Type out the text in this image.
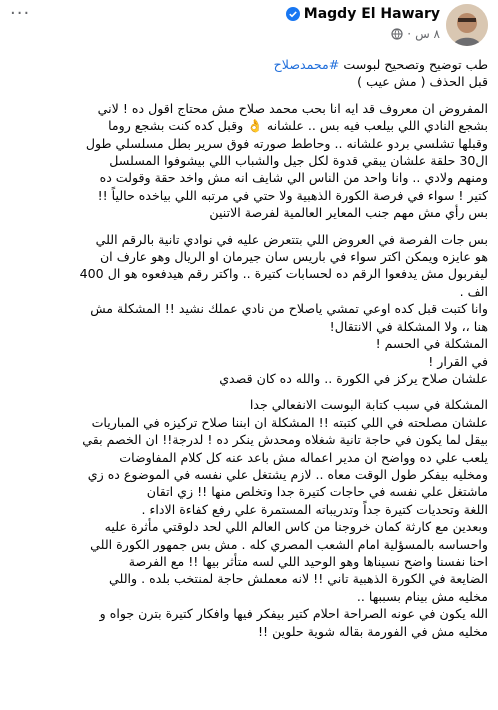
···	Magdy El Hawary
٨ س
·

طب توضيح وتصحيح لبوست #محمدصلاح

قبل الحذف ( مش عيب )

المفروض ان معروف قد ايه انا بحب محمد صلاح مش محتاج اقول ده ! لاني

بشجع النادي اللي بيلعب فيه بس .. علشانه 👌 وقبل كده كنت بشجع روما

وقبلها تشلسي بردو علشانه .. وحاطط صورته فوق سرير بطل مسلسلي طول

ال30 حلقة علشان يبقي قدوة لكل جيل والشباب اللي بيشوفوا المسلسل

ومنهم ولادي .. وانا واحد من الناس الي شايف انه مش واخد حقة وقولت ده

كتير ! سواء في فرصة الكورة الذهبية ولا حتي في مرتبه اللي بياخده حالياً !!

بس رأي مش مهم جنب المعاير العالمية لفرصة الاتنين

بس جات الفرصة في العروض اللي بتتعرض عليه في نوادي تانية بالرقم اللي

هو عايزه ويمكن اكتر سواء في باريس سان جيرمان او الريال وهو عارف ان

ليفربول مش يدفعوا الرقم ده لحسابات كتيرة .. واكتر رقم هيدفعوه هو ال 400

الف .

وانا كتبت قبل كده اوعي تمشي ياصلاح من نادي عملك نشيد !! المشكلة مش

هنا ،، ولا المشكلة في الانتقال!

المشكلة في الحسم !

في القرار !

علشان صلاح يركز في الكورة .. والله ده كان قصدي

المشكلة في سبب كتابة البوست الانفعالي جدا

علشان مصلحته في اللي كتبته !! المشكلة ان ابننا صلاح تركيزه في المباريات

بيقل لما يكون في حاجة تانية شغلاه ومحدش ينكر ده ! لدرجة!! ان الخصم بقي

يلعب علي ده وواضح ان مدير اعماله مش باعد عنه كل كلام المفاوضات

ومخليه بيفكر طول الوقت معاه .. لازم يشتغل علي نفسه في الموضوع ده زي

ماشتغل علي نفسه في حاجات كتيرة جدا وتخلص منها !! زي اتقان

اللغة وتحديات كتيرة جداً وتدريباته المستمرة علي رفع كفاءة الاداء .

وبعدين مع كارثة كمان خروجنا من كاس العالم اللي لحد دلوقتي مأثرة عليه

واحساسه بالمسؤلية امام الشعب المصري كله . مش بس جمهور الكورة اللي

احنا نفسنا واضح نسيناها وهو الوحيد اللي لسه متأثر بيها !! مع الفرصة

الضايعة في الكورة الذهبية تاني !! لانه معملش حاجة لمنتخب بلده . واللي

مخليه مش بينام بسببها ..

الله يكون في عونه الصراحة احلام كتير بيفكر فيها وافكار كتيرة بترن جواه و

مخليه مش في الفورمة بقاله شوية حلوين !!
